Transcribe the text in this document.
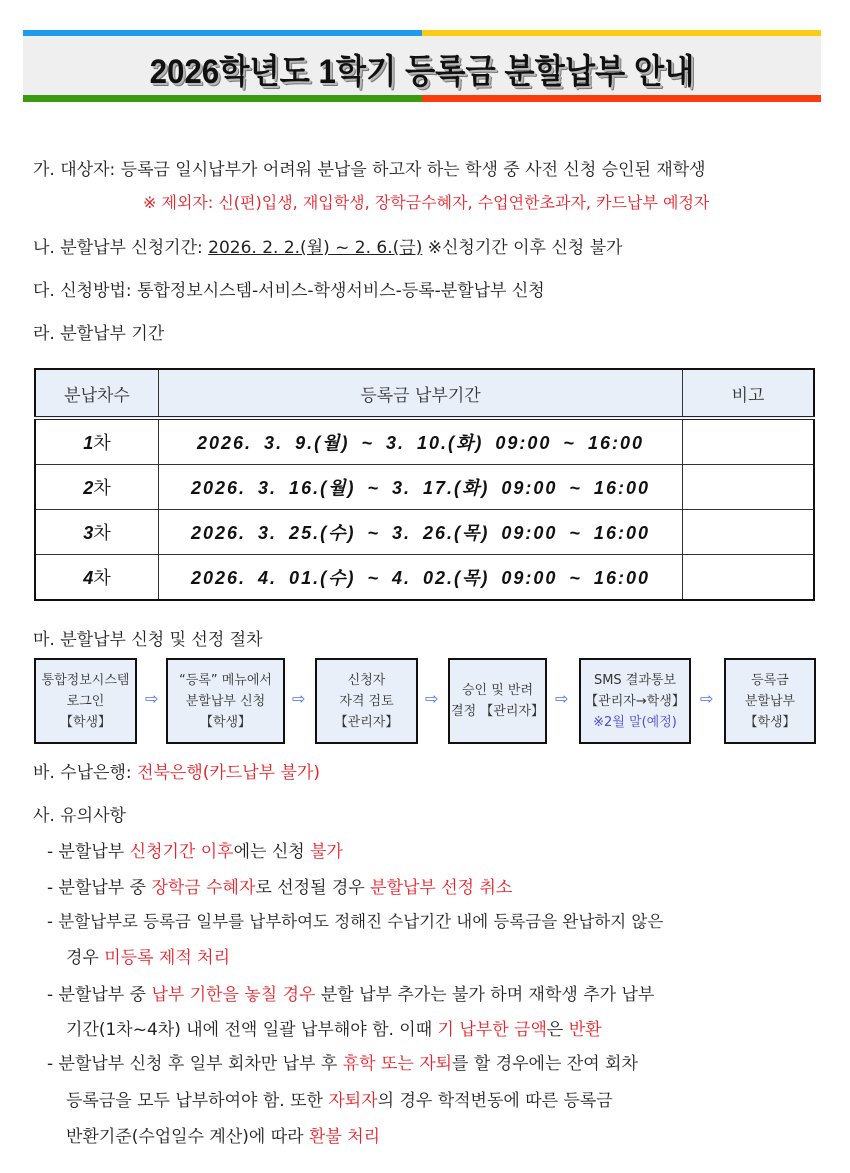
2026학년도 1학기 등록금 분할납부 안내
가. 대상자: 등록금 일시납부가 어려워 분납을 하고자 하는 학생 중 사전 신청 승인된 재학생
※ 제외자: 신(편)입생, 재입학생, 장학금수혜자, 수업연한초과자, 카드납부 예정자
나. 분할납부 신청기간: 2026. 2. 2.(월) ~ 2. 6.(금) ※신청기간 이후 신청 불가
다. 신청방법: 통합정보시스템-서비스-학생서비스-등록-분할납부 신청
라. 분할납부 기간
분납차수	등록금 납부기간	비고
1차	2026. 3. 9.(월) ~ 3. 10.(화) 09:00 ~ 16:00	
2차	2026. 3. 16.(월) ~ 3. 17.(화) 09:00 ~ 16:00	
3차	2026. 3. 25.(수) ~ 3. 26.(목) 09:00 ~ 16:00	
4차	2026. 4. 01.(수) ~ 4. 02.(목) 09:00 ~ 16:00	
마. 분할납부 신청 및 선정 절차
통합정보시스템
로그인
【학생】
⇨
“등록” 메뉴에서
분할납부 신청
【학생】
⇨
신청자
자격 검토
【관리자】
⇨ 승인 및 반려
결정 【관리자】
⇨
SMS 결과통보
【관리자→학생】
※2월 말(예정)
⇨
등록금
분할납부
【학생】
바. 수납은행: 전북은행(카드납부 불가)
사. 유의사항
- 분할납부 신청기간 이후에는 신청 불가
- 분할납부 중 장학금 수혜자로 선정될 경우 분할납부 선정 취소
- 분할납부로 등록금 일부를 납부하여도 정해진 수납기간 내에 등록금을 완납하지 않은
경우 미등록 제적 처리
- 분할납부 중 납부 기한을 놓칠 경우 분할 납부 추가는 불가 하며 재학생 추가 납부
기간(1차~4차) 내에 전액 일괄 납부해야 함. 이때 기 납부한 금액은 반환
- 분할납부 신청 후 일부 회차만 납부 후 휴학 또는 자퇴를 할 경우에는 잔여 회차
등록금을 모두 납부하여야 함. 또한 자퇴자의 경우 학적변동에 따른 등록금
반환기준(수업일수 계산)에 따라 환불 처리
